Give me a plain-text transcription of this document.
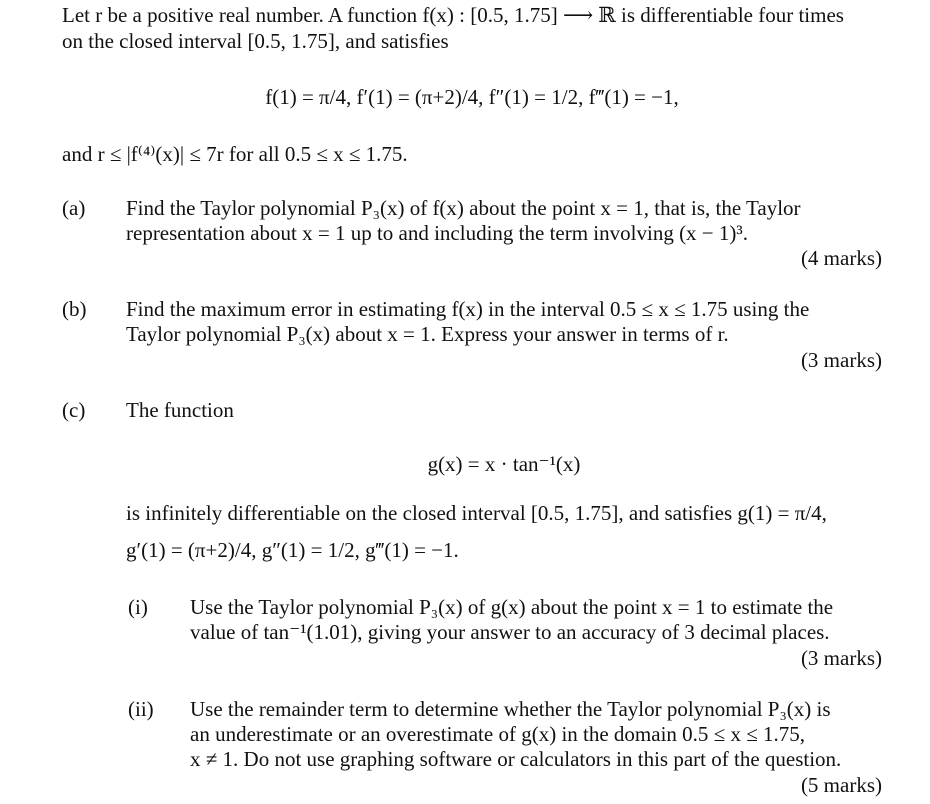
Let r be a positive real number. A function f(x) : [0.5, 1.75] ⟶ ℝ is differentiable four times
on the closed interval [0.5, 1.75], and satisfies
f(1) = π/4, f′(1) = (π+2)/4, f″(1) = 1/2, f‴(1) = −1,
and r ≤ |f⁽⁴⁾(x)| ≤ 7r for all 0.5 ≤ x ≤ 1.75.
(a) Find the Taylor polynomial P₃(x) of f(x) about the point x = 1, that is, the Taylor
representation about x = 1 up to and including the term involving (x − 1)³.
(4 marks)
(b) Find the maximum error in estimating f(x) in the interval 0.5 ≤ x ≤ 1.75 using the
Taylor polynomial P₃(x) about x = 1. Express your answer in terms of r.
(3 marks)
(c) The function
g(x) = x · tan⁻¹(x)
is infinitely differentiable on the closed interval [0.5, 1.75], and satisfies g(1) = π/4,
g′(1) = (π+2)/4, g″(1) = 1/2, g‴(1) = −1.
(i) Use the Taylor polynomial P₃(x) of g(x) about the point x = 1 to estimate the
value of tan⁻¹(1.01), giving your answer to an accuracy of 3 decimal places.
(3 marks)
(ii) Use the remainder term to determine whether the Taylor polynomial P₃(x) is
an underestimate or an overestimate of g(x) in the domain 0.5 ≤ x ≤ 1.75,
x ≠ 1. Do not use graphing software or calculators in this part of the question.
(5 marks)
